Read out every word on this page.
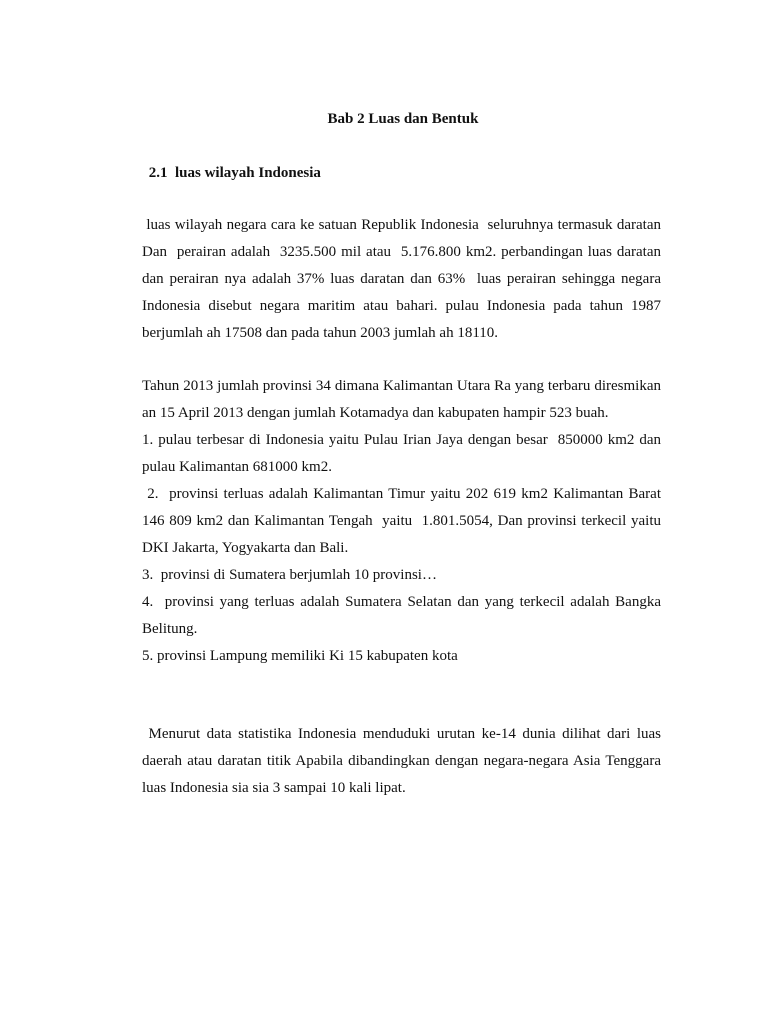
Bab 2 Luas dan Bentuk
2.1  luas wilayah Indonesia

luas wilayah negara cara ke satuan Republik Indonesia  seluruhnya termasuk daratan Dan  perairan adalah  3235.500 mil atau  5.176.800 km2. perbandingan luas daratan dan perairan nya adalah 37% luas daratan dan 63%  luas perairan sehingga negara Indonesia disebut negara maritim atau bahari. pulau Indonesia pada tahun 1987 berjumlah ah 17508 dan pada tahun 2003 jumlah ah 18110.

Tahun 2013 jumlah provinsi 34 dimana Kalimantan Utara Ra yang terbaru diresmikan an 15 April 2013 dengan jumlah Kotamadya dan kabupaten hampir 523 buah.

1. pulau terbesar di Indonesia yaitu Pulau Irian Jaya dengan besar  850000 km2 dan pulau Kalimantan 681000 km2.

2.  provinsi terluas adalah Kalimantan Timur yaitu 202 619 km2 Kalimantan Barat 146 809 km2 dan Kalimantan Tengah  yaitu  1.801.5054, Dan provinsi terkecil yaitu DKI Jakarta, Yogyakarta dan Bali.

3.  provinsi di Sumatera berjumlah 10 provinsi…

4.  provinsi yang terluas adalah Sumatera Selatan dan yang terkecil adalah Bangka Belitung.

5. provinsi Lampung memiliki Ki 15 kabupaten kota

Menurut data statistika Indonesia menduduki urutan ke-14 dunia dilihat dari luas daerah atau daratan titik Apabila dibandingkan dengan negara-negara Asia Tenggara luas Indonesia sia sia 3 sampai 10 kali lipat.
